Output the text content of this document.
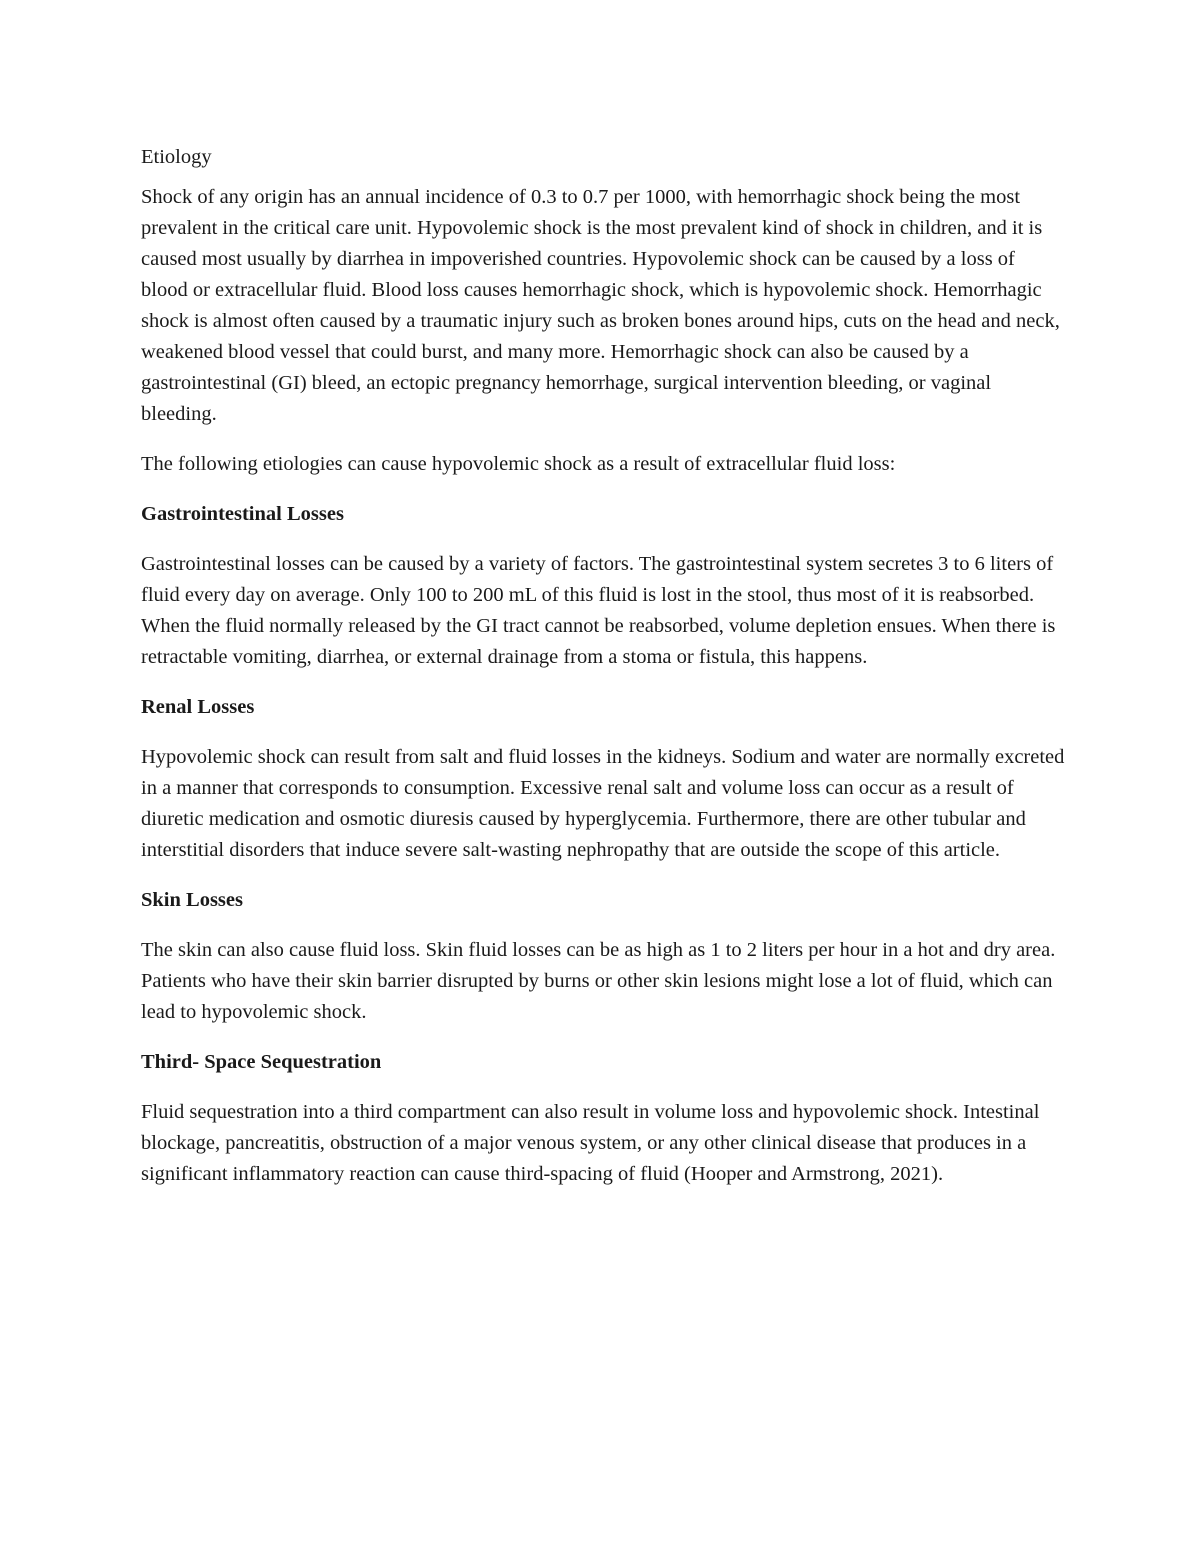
Etiology

Shock of any origin has an annual incidence of 0.3 to 0.7 per 1000, with hemorrhagic shock being the most prevalent in the critical care unit. Hypovolemic shock is the most prevalent kind of shock in children, and it is caused most usually by diarrhea in impoverished countries. Hypovolemic shock can be caused by a loss of blood or extracellular fluid. Blood loss causes hemorrhagic shock, which is hypovolemic shock. Hemorrhagic shock is almost often caused by a traumatic injury such as broken bones around hips, cuts on the head and neck, weakened blood vessel that could burst, and many more. Hemorrhagic shock can also be caused by a gastrointestinal (GI) bleed, an ectopic pregnancy hemorrhage, surgical intervention bleeding, or vaginal bleeding.

The following etiologies can cause hypovolemic shock as a result of extracellular fluid loss:

Gastrointestinal Losses

Gastrointestinal losses can be caused by a variety of factors. The gastrointestinal system secretes 3 to 6 liters of fluid every day on average. Only 100 to 200 mL of this fluid is lost in the stool, thus most of it is reabsorbed. When the fluid normally released by the GI tract cannot be reabsorbed, volume depletion ensues. When there is retractable vomiting, diarrhea, or external drainage from a stoma or fistula, this happens.

Renal Losses

Hypovolemic shock can result from salt and fluid losses in the kidneys. Sodium and water are normally excreted in a manner that corresponds to consumption. Excessive renal salt and volume loss can occur as a result of diuretic medication and osmotic diuresis caused by hyperglycemia. Furthermore, there are other tubular and interstitial disorders that induce severe salt-wasting nephropathy that are outside the scope of this article.

Skin Losses

The skin can also cause fluid loss. Skin fluid losses can be as high as 1 to 2 liters per hour in a hot and dry area. Patients who have their skin barrier disrupted by burns or other skin lesions might lose a lot of fluid, which can lead to hypovolemic shock.

Third- Space Sequestration

Fluid sequestration into a third compartment can also result in volume loss and hypovolemic shock. Intestinal blockage, pancreatitis, obstruction of a major venous system, or any other clinical disease that produces in a significant inflammatory reaction can cause third-spacing of fluid (Hooper and Armstrong, 2021).
